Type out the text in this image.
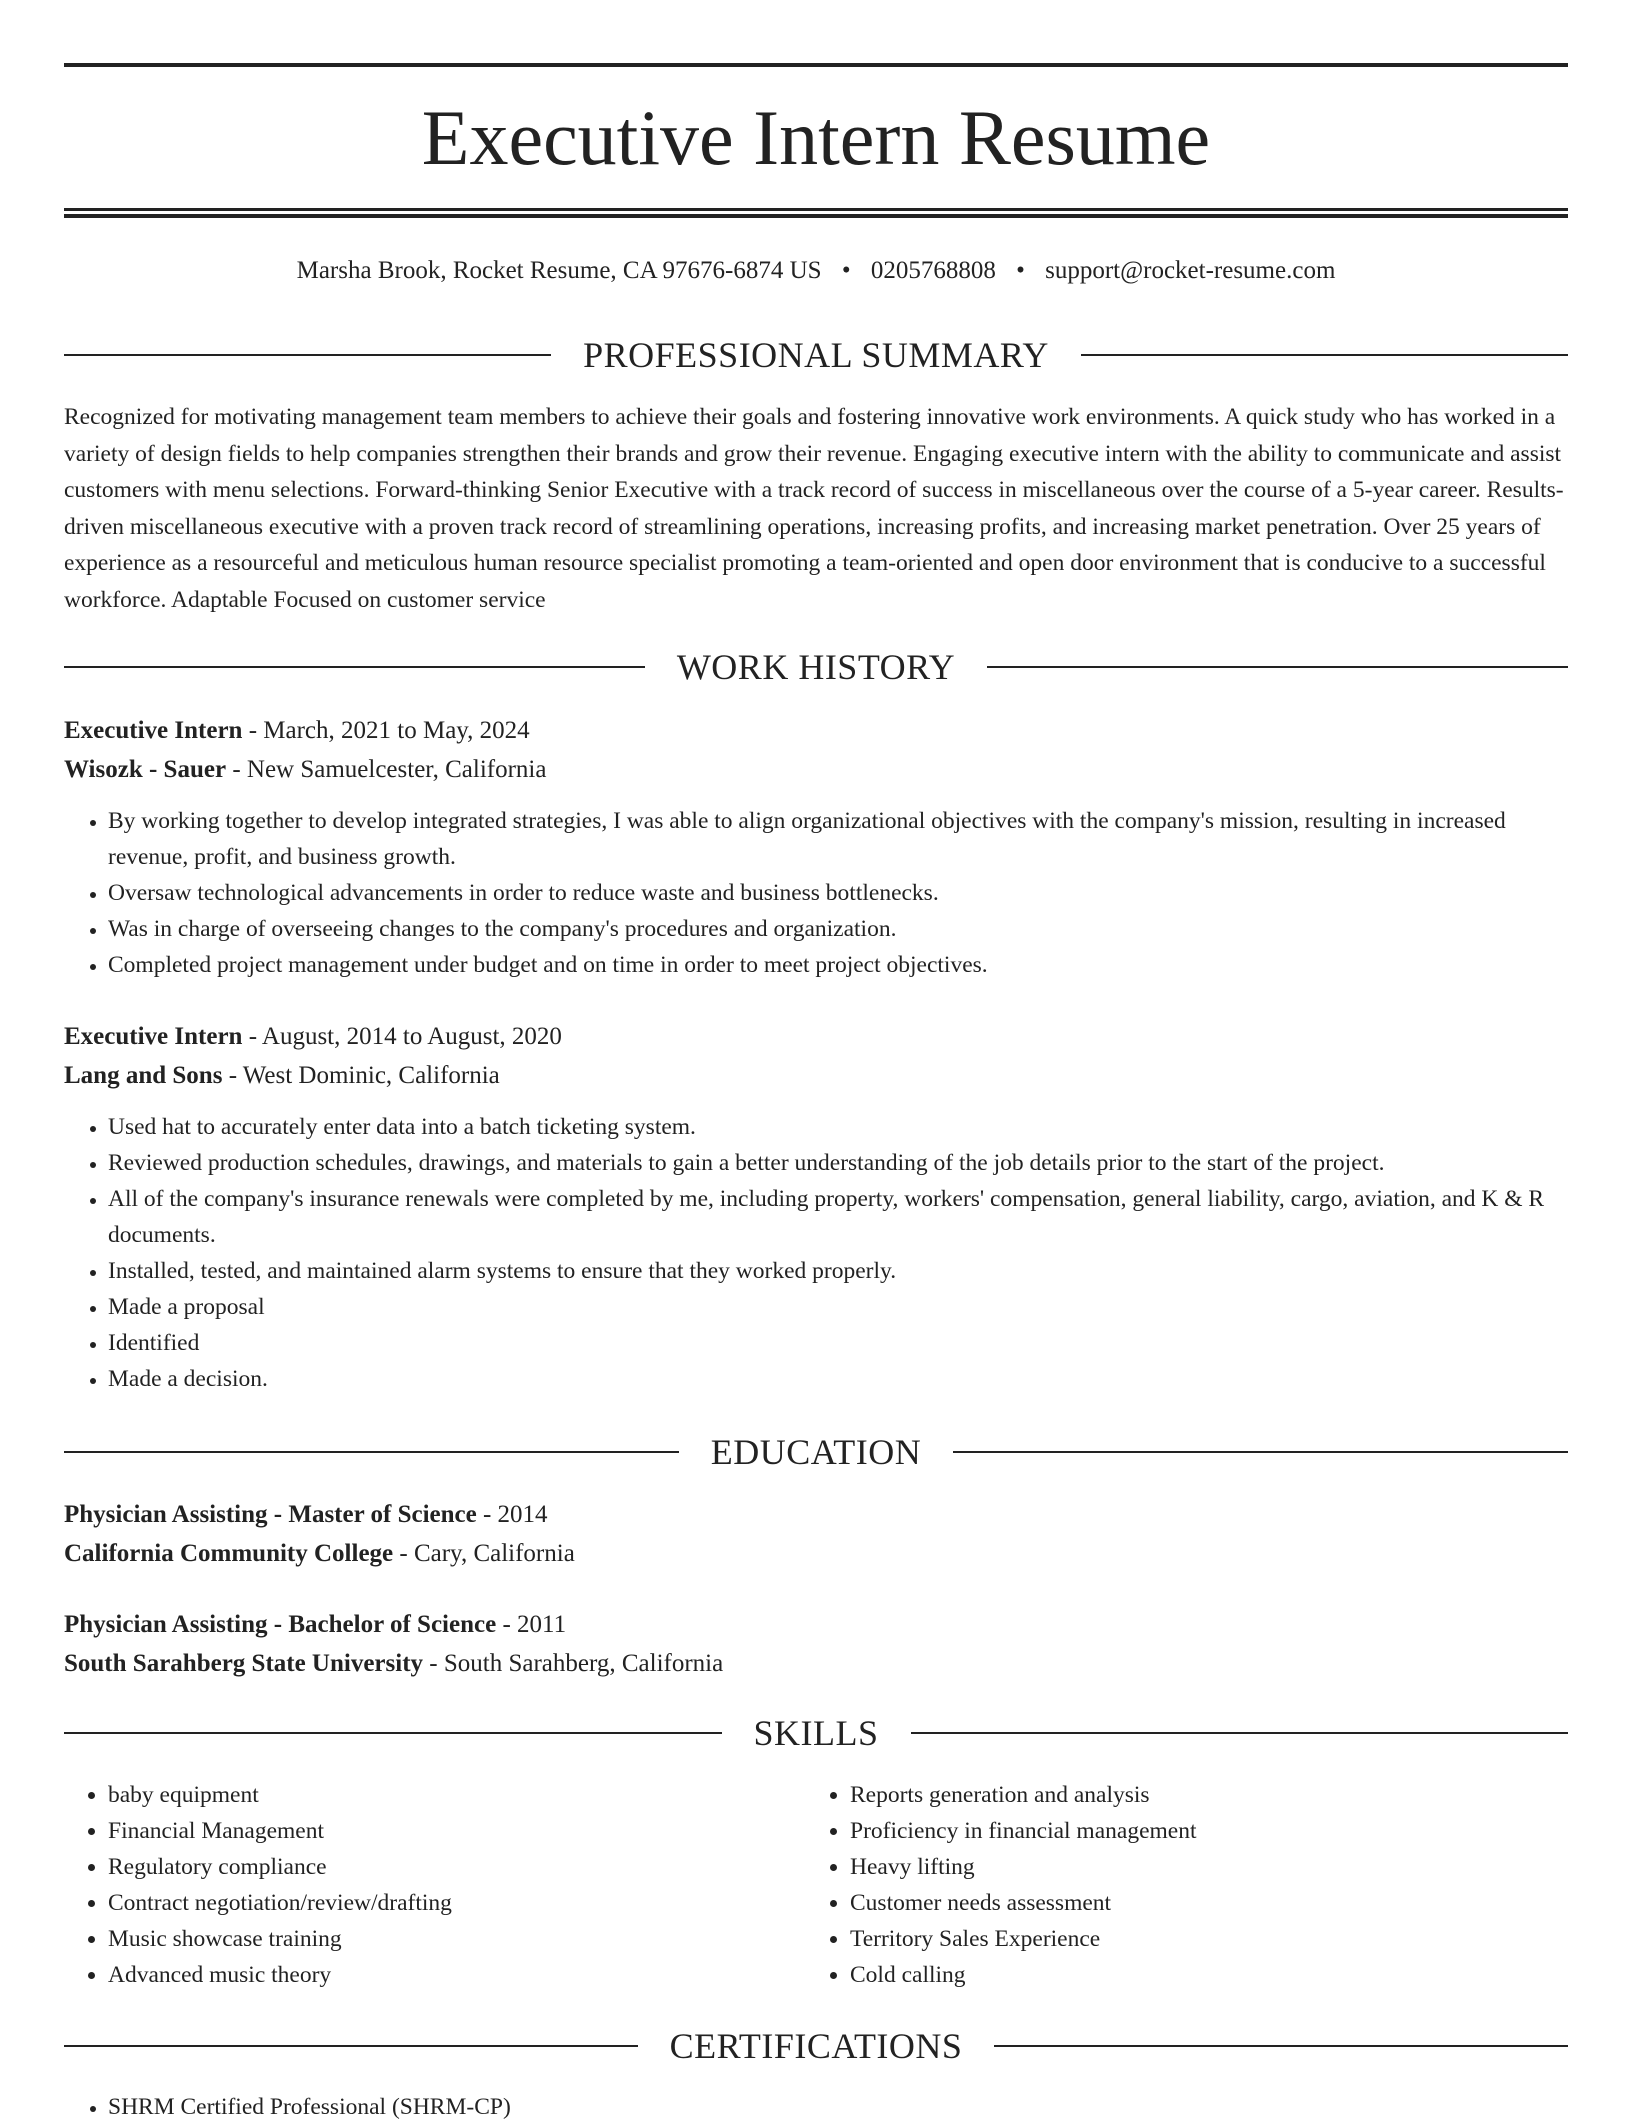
Executive Intern Resume
Marsha Brook, Rocket Resume, CA 97676-6874 US • 0205768808 • support@rocket-resume.com
PROFESSIONAL SUMMARY

Recognized for motivating management team members to achieve their goals and fostering innovative work environments. A quick study who has worked in a variety of design fields to help companies strengthen their brands and grow their revenue. Engaging executive intern with the ability to communicate and assist customers with menu selections. Forward-thinking Senior Executive with a track record of success in miscellaneous over the course of a 5-year career. Results-driven miscellaneous executive with a proven track record of streamlining operations, increasing profits, and increasing market penetration. Over 25 years of experience as a resourceful and meticulous human resource specialist promoting a team-oriented and open door environment that is conducive to a successful workforce. Adaptable Focused on customer service

WORK HISTORY
Executive Intern - March, 2021 to May, 2024
Wisozk - Sauer - New Samuelcester, California
• By working together to develop integrated strategies, I was able to align organizational objectives with the company's mission, resulting in increased revenue, profit, and business growth.
• Oversaw technological advancements in order to reduce waste and business bottlenecks.
• Was in charge of overseeing changes to the company's procedures and organization.
• Completed project management under budget and on time in order to meet project objectives.
Executive Intern - August, 2014 to August, 2020
Lang and Sons - West Dominic, California
• Used hat to accurately enter data into a batch ticketing system.
• Reviewed production schedules, drawings, and materials to gain a better understanding of the job details prior to the start of the project.
• All of the company's insurance renewals were completed by me, including property, workers' compensation, general liability, cargo, aviation, and K & R documents.
• Installed, tested, and maintained alarm systems to ensure that they worked properly.
• Made a proposal
• Identified
• Made a decision.
EDUCATION
Physician Assisting - Master of Science - 2014
California Community College - Cary, California
Physician Assisting - Bachelor of Science - 2011
South Sarahberg State University - South Sarahberg, California
SKILLS
• baby equipment
• Financial Management
• Regulatory compliance
• Contract negotiation/review/drafting
• Music showcase training
• Advanced music theory
• Reports generation and analysis
• Proficiency in financial management
• Heavy lifting
• Customer needs assessment
• Territory Sales Experience
• Cold calling
CERTIFICATIONS
• SHRM Certified Professional (SHRM-CP)
